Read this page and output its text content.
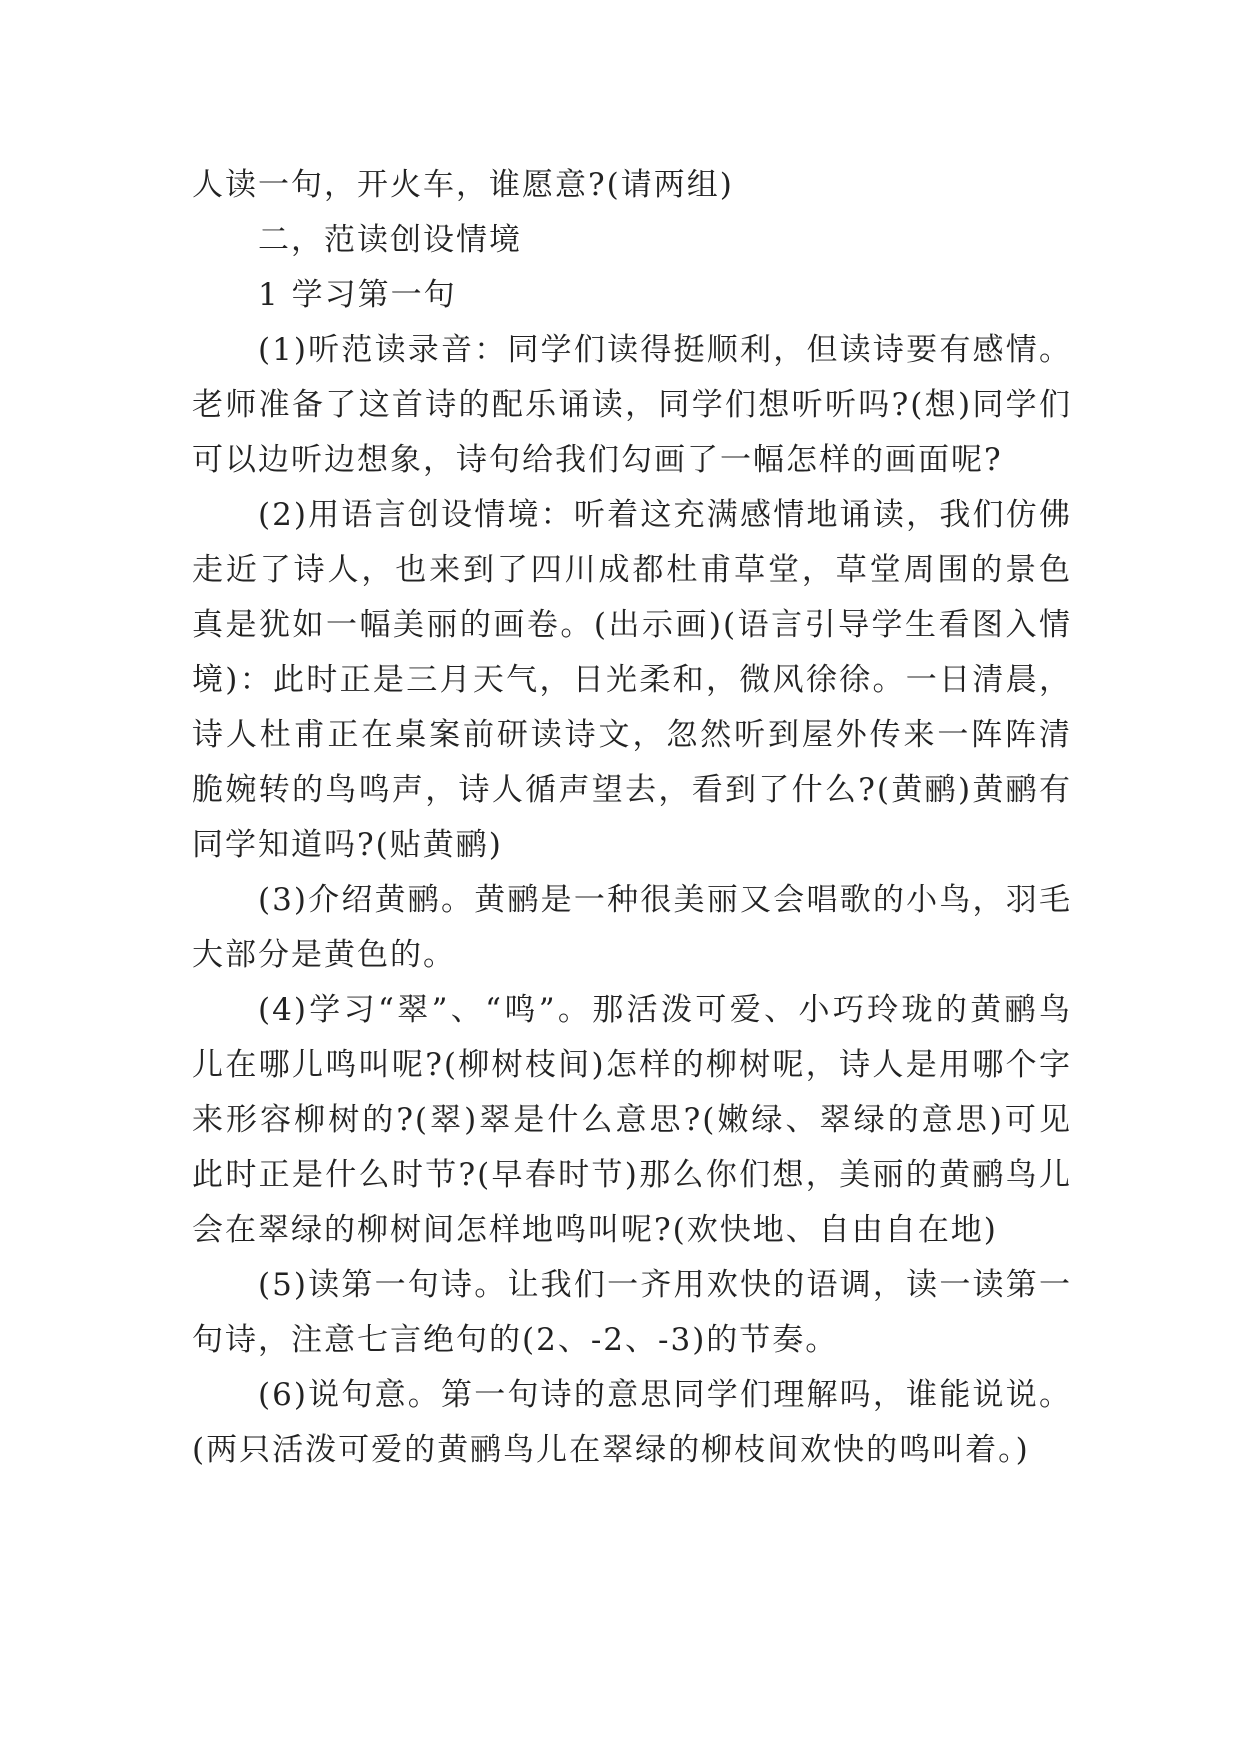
人读一句，开火车，谁愿意?(请两组)

二，范读创设情境

1 学习第一句

(1)听范读录音：同学们读得挺顺利，但读诗要有感情。老师准备了这首诗的配乐诵读，同学们想听听吗?(想)同学们可以边听边想象，诗句给我们勾画了一幅怎样的画面呢?

(2)用语言创设情境：听着这充满感情地诵读，我们仿佛走近了诗人，也来到了四川成都杜甫草堂，草堂周围的景色真是犹如一幅美丽的画卷。(出示画)(语言引导学生看图入情境)：此时正是三月天气，日光柔和，微风徐徐。一日清晨，诗人杜甫正在桌案前研读诗文，忽然听到屋外传来一阵阵清脆婉转的鸟鸣声，诗人循声望去，看到了什么?(黄鹂)黄鹂有同学知道吗?(贴黄鹂)

(3)介绍黄鹂。黄鹂是一种很美丽又会唱歌的小鸟，羽毛大部分是黄色的。

(4)学习“翠”、“鸣”。那活泼可爱、小巧玲珑的黄鹂鸟儿在哪儿鸣叫呢?(柳树枝间)怎样的柳树呢，诗人是用哪个字来形容柳树的?(翠)翠是什么意思?(嫩绿、翠绿的意思)可见此时正是什么时节?(早春时节)那么你们想，美丽的黄鹂鸟儿会在翠绿的柳树间怎样地鸣叫呢?(欢快地、自由自在地)

(5)读第一句诗。让我们一齐用欢快的语调，读一读第一句诗，注意七言绝句的(2、-2、-3)的节奏。

(6)说句意。第一句诗的意思同学们理解吗，谁能说说。(两只活泼可爱的黄鹂鸟儿在翠绿的柳枝间欢快的鸣叫着。)
